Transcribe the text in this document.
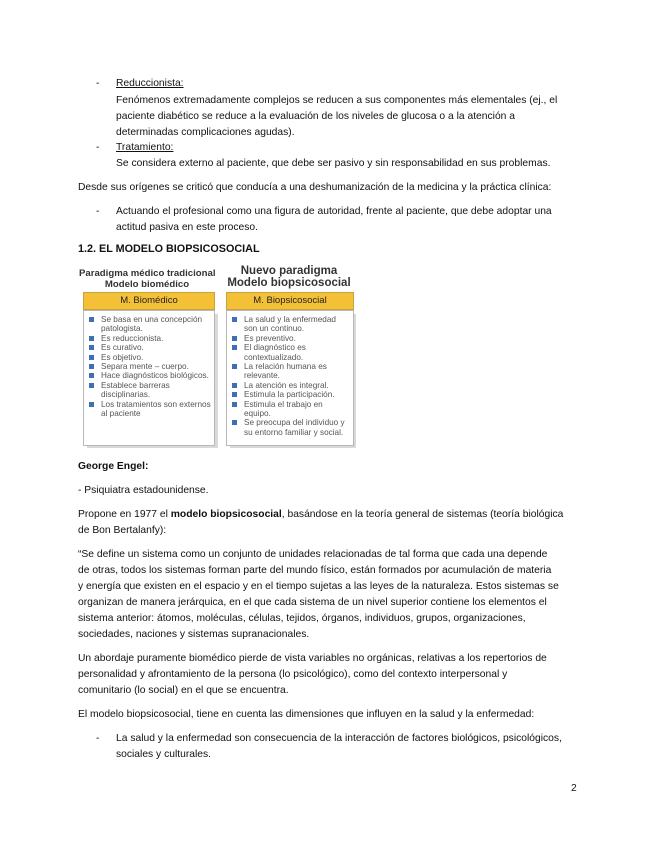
- Reduccionista:
Fenómenos extremadamente complejos se reducen a sus componentes más elementales (ej., el
paciente diabético se reduce a la evaluación de los niveles de glucosa o a la atención a
determinadas complicaciones agudas).
- Tratamiento:
Se considera externo al paciente, que debe ser pasivo y sin responsabilidad en sus problemas.
Desde sus orígenes se criticó que conducía a una deshumanización de la medicina y la práctica clínica:
- Actuando el profesional como una figura de autoridad, frente al paciente, que debe adoptar una
actitud pasiva en este proceso.
1.2. EL MODELO BIOPSICOSOCIAL
Paradigma médico tradicional
Modelo biomédico
M. Biomédico
Se basa en una concepción patologista.
Es reduccionista.
Es curativo.
Es objetivo.
Separa mente – cuerpo.
Hace diagnósticos biológicos.
Establece barreras disciplinarias.
Los tratamientos son externos al paciente
Nuevo paradigma
Modelo biopsicosocial
M. Biopsicosocial
La salud y la enfermedad son un continuo.
Es preventivo.
El diagnóstico es contextualizado.
La relación humana es relevante.
La atención es integral.
Estimula la participación.
Estimula el trabajo en equipo.
Se preocupa del individuo y su entorno familiar y social.
George Engel:
- Psiquiatra estadounidense.
Propone en 1977 el modelo biopsicosocial, basándose en la teoría general de sistemas (teoría biológica
de Bon Bertalanfy):
“Se define un sistema como un conjunto de unidades relacionadas de tal forma que cada una depende
de otras, todos los sistemas forman parte del mundo físico, están formados por acumulación de materia
y energía que existen en el espacio y en el tiempo sujetas a las leyes de la naturaleza. Estos sistemas se
organizan de manera jerárquica, en el que cada sistema de un nivel superior contiene los elementos el
sistema anterior: átomos, moléculas, células, tejidos, órganos, individuos, grupos, organizaciones,
sociedades, naciones y sistemas supranacionales.
Un abordaje puramente biomédico pierde de vista variables no orgánicas, relativas a los repertorios de
personalidad y afrontamiento de la persona (lo psicológico), como del contexto interpersonal y
comunitario (lo social) en el que se encuentra.
El modelo biopsicosocial, tiene en cuenta las dimensiones que influyen en la salud y la enfermedad:
- La salud y la enfermedad son consecuencia de la interacción de factores biológicos, psicológicos,
sociales y culturales.
2
